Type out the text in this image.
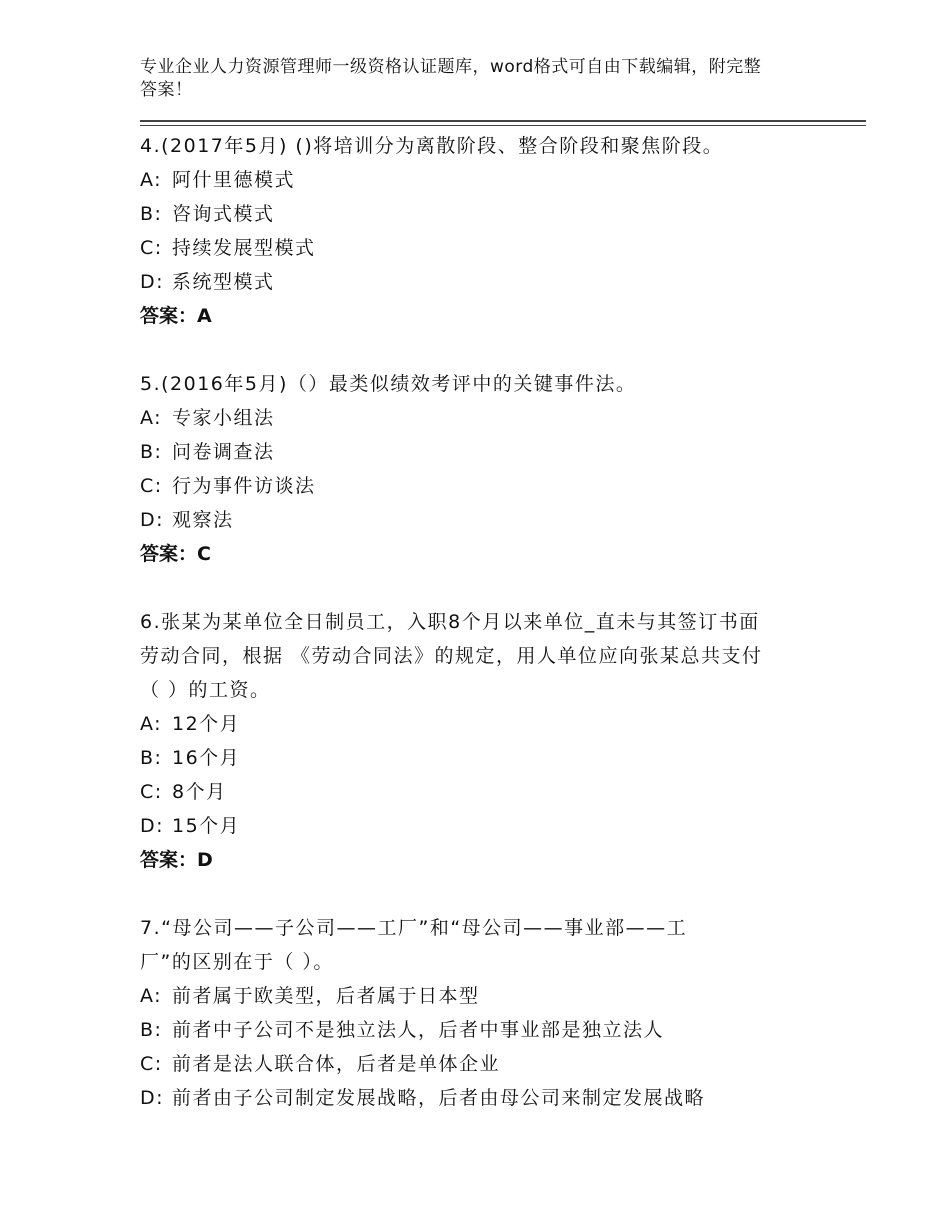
专业企业人力资源管理师一级资格认证题库，word格式可自由下载编辑，附完整
答案！
4.(2017年5月) ()将培训分为离散阶段、整合阶段和聚焦阶段。
A: 阿什里德模式
B: 咨询式模式
C: 持续发展型模式
D: 系统型模式
答案：A
5.(2016年5月)（）最类似绩效考评中的关键事件法。
A: 专家小组法
B: 问卷调查法
C: 行为事件访谈法
D: 观察法
答案：C
6.张某为某单位全日制员工，入职8个月以来单位_直未与其签订书面
劳动合同，根据 《劳动合同法》的规定，用人单位应向张某总共支付
（ ）的工资。
A: 12个月
B: 16个月
C: 8个月
D: 15个月
答案：D
7.“母公司——子公司——工厂”和“母公司——事业部——工
厂”的区别在于（ ）。
A: 前者属于欧美型，后者属于日本型
B: 前者中子公司不是独立法人，后者中事业部是独立法人
C: 前者是法人联合体，后者是单体企业
D: 前者由子公司制定发展战略，后者由母公司来制定发展战略
